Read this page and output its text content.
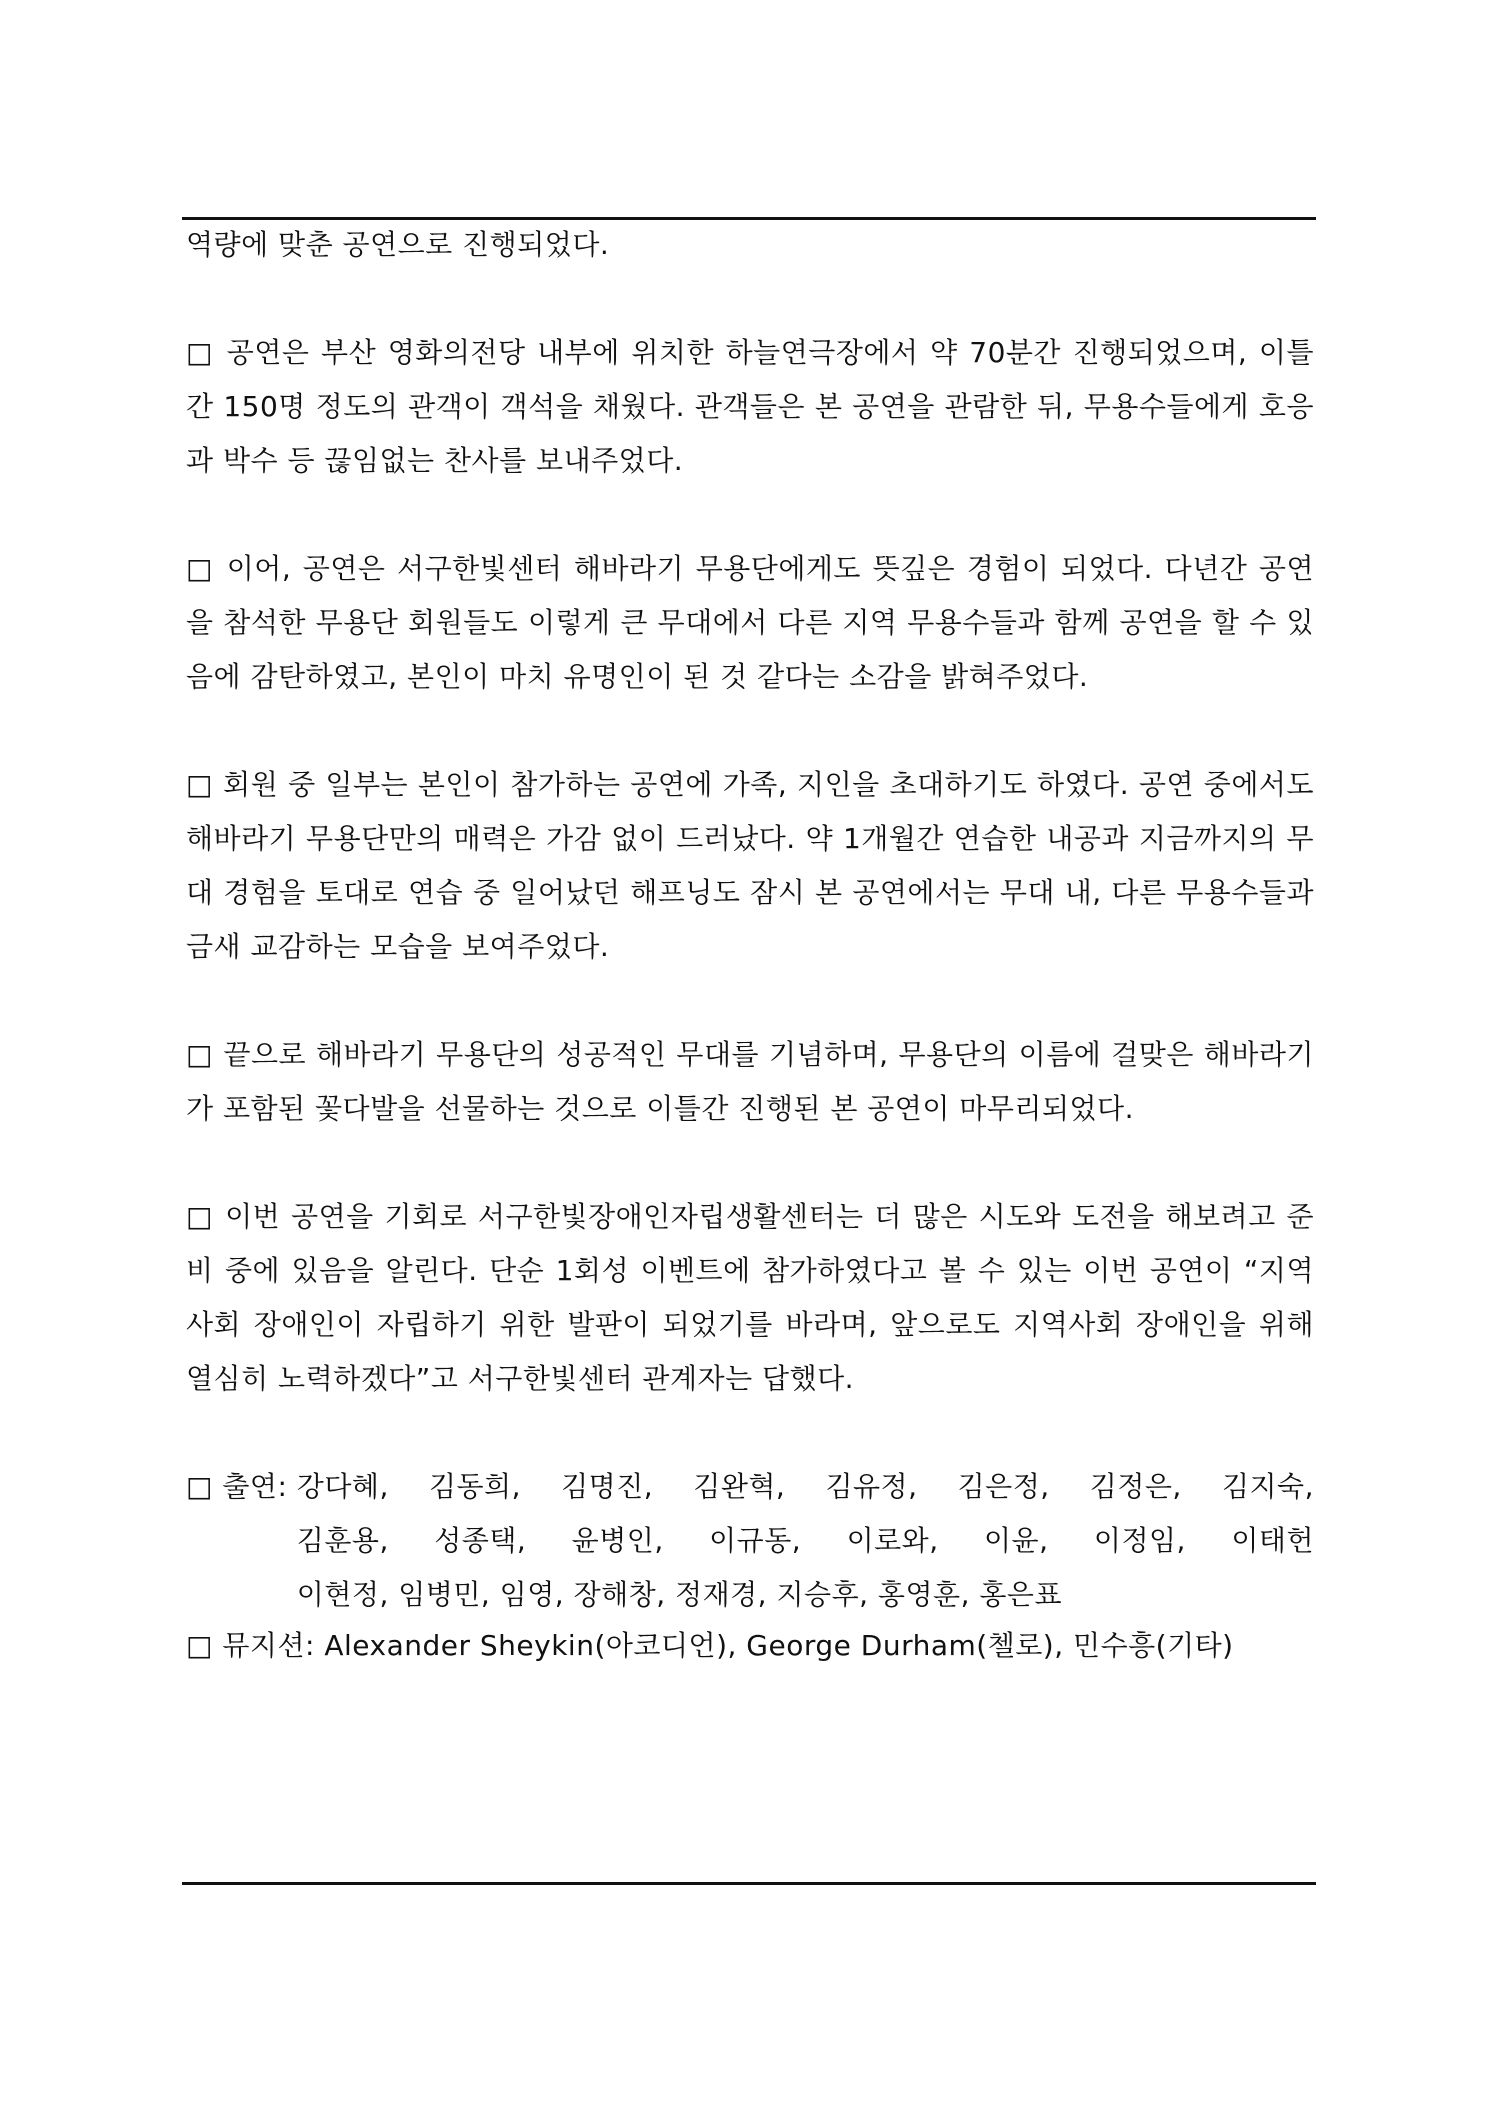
역량에 맞춘 공연으로 진행되었다.

□ 공연은 부산 영화의전당 내부에 위치한 하늘연극장에서 약 70분간 진행되었으며, 이틀간 150명 정도의 관객이 객석을 채웠다. 관객들은 본 공연을 관람한 뒤, 무용수들에게 호응과 박수 등 끊임없는 찬사를 보내주었다.

□ 이어, 공연은 서구한빛센터 해바라기 무용단에게도 뜻깊은 경험이 되었다. 다년간 공연을 참석한 무용단 회원들도 이렇게 큰 무대에서 다른 지역 무용수들과 함께 공연을 할 수 있음에 감탄하였고, 본인이 마치 유명인이 된 것 같다는 소감을 밝혀주었다.

□ 회원 중 일부는 본인이 참가하는 공연에 가족, 지인을 초대하기도 하였다. 공연 중에서도 해바라기 무용단만의 매력은 가감 없이 드러났다. 약 1개월간 연습한 내공과 지금까지의 무대 경험을 토대로 연습 중 일어났던 해프닝도 잠시 본 공연에서는 무대 내, 다른 무용수들과 금새 교감하는 모습을 보여주었다.

□ 끝으로 해바라기 무용단의 성공적인 무대를 기념하며, 무용단의 이름에 걸맞은 해바라기가 포함된 꽃다발을 선물하는 것으로 이틀간 진행된 본 공연이 마무리되었다.

□ 이번 공연을 기회로 서구한빛장애인자립생활센터는 더 많은 시도와 도전을 해보려고 준비 중에 있음을 알린다. 단순 1회성 이벤트에 참가하였다고 볼 수 있는 이번 공연이 “지역사회 장애인이 자립하기 위한 발판이 되었기를 바라며, 앞으로도 지역사회 장애인을 위해 열심히 노력하겠다”고 서구한빛센터 관계자는 답했다.

□ 출연: 강다혜, 김동희, 김명진, 김완혁, 김유정, 김은정, 김정은, 김지숙,
김훈용, 성종택, 윤병인, 이규동, 이로와, 이윤, 이정임, 이태헌
이현정, 임병민, 임영, 장해창, 정재경, 지승후, 홍영훈, 홍은표
□ 뮤지션: Alexander Sheykin(아코디언), George Durham(첼로), 민수흥(기타)
